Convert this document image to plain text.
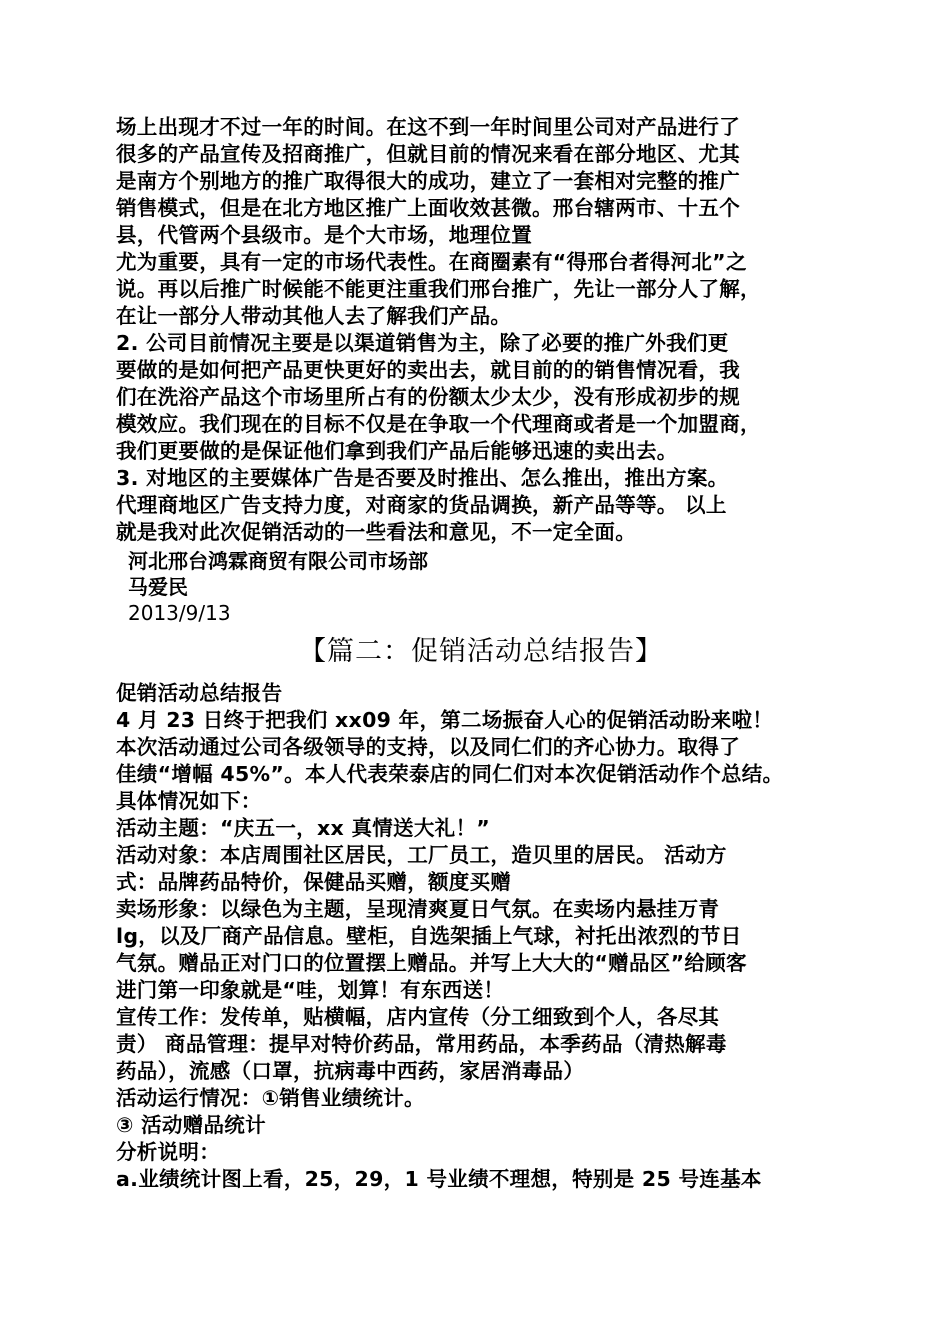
场上出现才不过一年的时间。在这不到一年时间里公司对产品进行了

很多的产品宣传及招商推广，但就目前的情况来看在部分地区、尤其

是南方个别地方的推广取得很大的成功，建立了一套相对完整的推广

销售模式，但是在北方地区推广上面收效甚微。邢台辖两市、十五个

县，代管两个县级市。是个大市场，地理位置

尤为重要，具有一定的市场代表性。在商圈素有“得邢台者得河北”之

说。再以后推广时候能不能更注重我们邢台推广，先让一部分人了解，

在让一部分人带动其他人去了解我们产品。

2. 公司目前情况主要是以渠道销售为主，除了必要的推广外我们更

要做的是如何把产品更快更好的卖出去，就目前的的销售情况看，我

们在洗浴产品这个市场里所占有的份额太少太少，没有形成初步的规

模效应。我们现在的目标不仅是在争取一个代理商或者是一个加盟商，

我们更要做的是保证他们拿到我们产品后能够迅速的卖出去。

3. 对地区的主要媒体广告是否要及时推出、怎么推出，推出方案。

代理商地区广告支持力度，对商家的货品调换，新产品等等。 以上

就是我对此次促销活动的一些看法和意见，不一定全面。

河北邢台鸿霖商贸有限公司市场部

马爱民

2013/9/13

【篇二：促销活动总结报告】

促销活动总结报告

4 月 23 日终于把我们 xx09 年，第二场振奋人心的促销活动盼来啦！

本次活动通过公司各级领导的支持，以及同仁们的齐心协力。取得了

佳绩“增幅 45%”。本人代表荣泰店的同仁们对本次促销活动作个总结。

具体情况如下：

活动主题：“庆五一，xx 真情送大礼！”

活动对象：本店周围社区居民，工厂员工，造贝里的居民。 活动方

式：品牌药品特价，保健品买赠，额度买赠

卖场形象：以绿色为主题，呈现清爽夏日气氛。在卖场内悬挂万青

lg，以及厂商产品信息。壁柜，自选架插上气球，衬托出浓烈的节日

气氛。赠品正对门口的位置摆上赠品。并写上大大的“赠品区”给顾客

进门第一印象就是“哇，划算！有东西送！

宣传工作：发传单，贴横幅，店内宣传（分工细致到个人，各尽其

责） 商品管理：提早对特价药品，常用药品，本季药品（清热解毒

药品），流感（口罩，抗病毒中西药，家居消毒品）

活动运行情况：①销售业绩统计。

③ 活动赠品统计

分析说明：

a.业绩统计图上看，25，29，1 号业绩不理想，特别是 25 号连基本
